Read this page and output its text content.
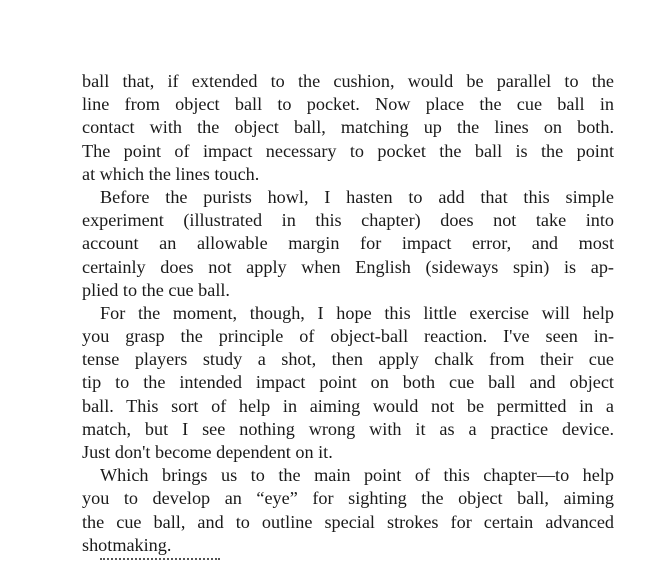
ball that, if extended to the cushion, would be parallel to the
line from object ball to pocket. Now place the cue ball in
contact with the object ball, matching up the lines on both.
The point of impact necessary to pocket the ball is the point
at which the lines touch.
Before the purists howl, I hasten to add that this simple
experiment (illustrated in this chapter) does not take into
account an allowable margin for impact error, and most
certainly does not apply when English (sideways spin) is ap-
plied to the cue ball.
For the moment, though, I hope this little exercise will help
you grasp the principle of object-ball reaction. I've seen in-
tense players study a shot, then apply chalk from their cue
tip to the intended impact point on both cue ball and object
ball. This sort of help in aiming would not be permitted in a
match, but I see nothing wrong with it as a practice device.
Just don't become dependent on it.
Which brings us to the main point of this chapter—to help
you to develop an “eye” for sighting the object ball, aiming
the cue ball, and to outline special strokes for certain advanced
shotmaking.
